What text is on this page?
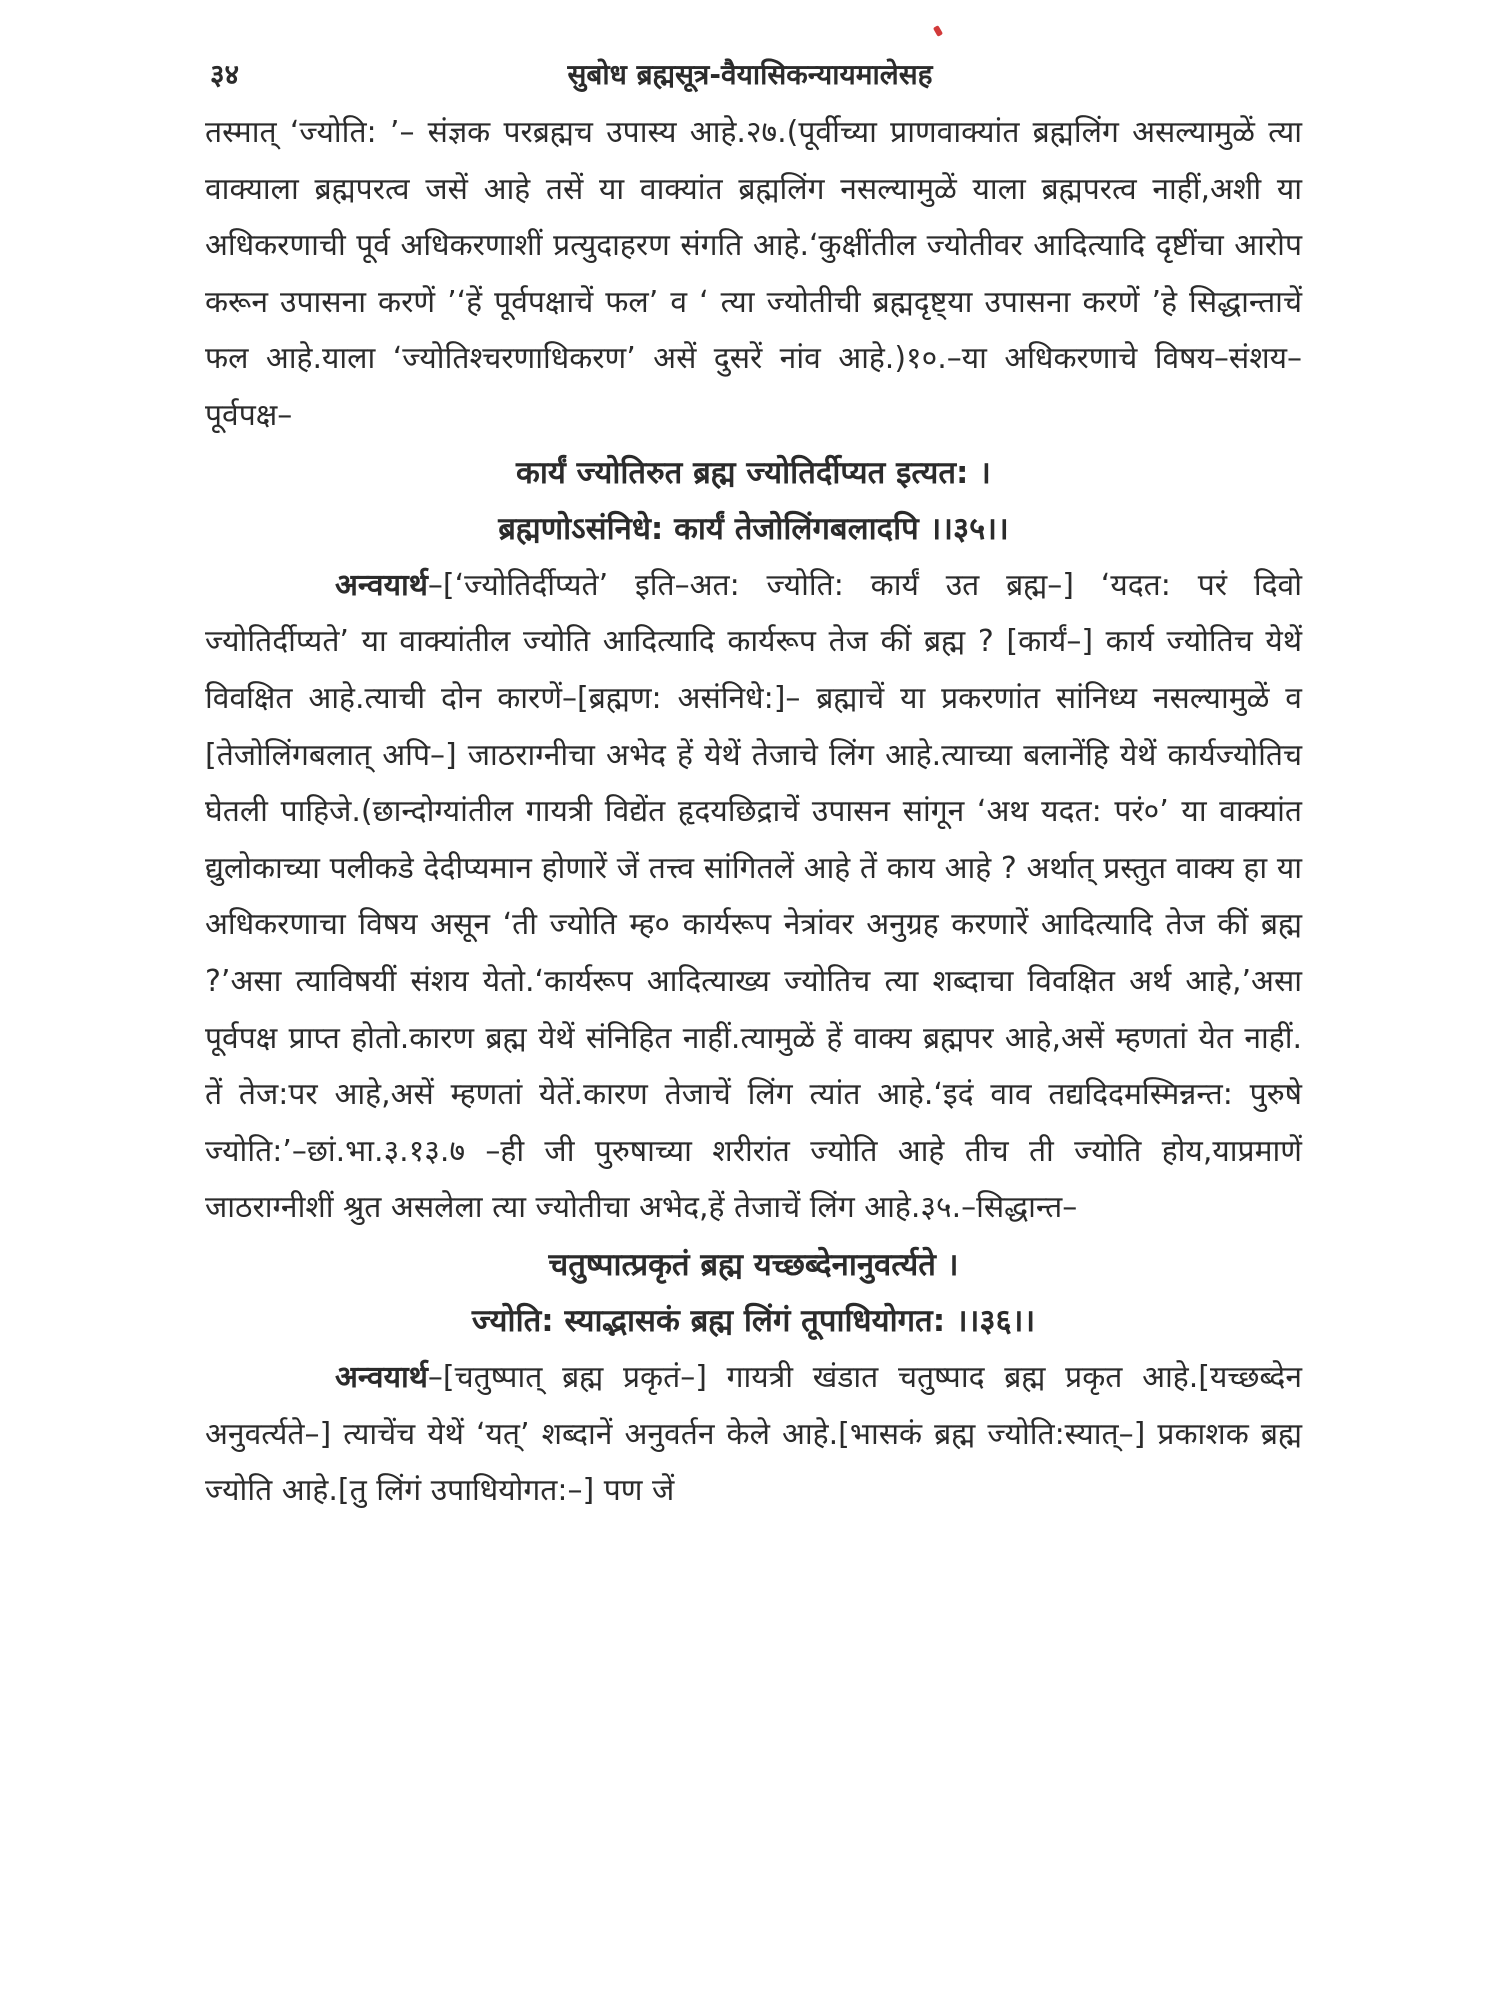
३४	सुबोध ब्रह्मसूत्र-वैयासिकन्यायमालेसह

तस्मात् ‘ज्योति: ’– संज्ञक परब्रह्मच उपास्य आहे.२७.(पूर्वीच्या प्राणवाक्यांत ब्रह्मलिंग असल्यामुळें त्या वाक्याला ब्रह्मपरत्व जसें आहे तसें या वाक्यांत ब्रह्मलिंग नसल्यामुळें याला ब्रह्मपरत्व नाहीं,अशी या अधिकरणाची पूर्व अधिकरणाशीं प्रत्युदाहरण संगति आहे.‘कुक्षींतील ज्योतीवर आदित्यादि दृष्टींचा आरोप करून उपासना करणें ’‘हें पूर्वपक्षाचें फल’ व ‘ त्या ज्योतीची ब्रह्मदृष्ट्या उपासना करणें ’हे सिद्धान्ताचें फल आहे.याला ‘ज्योतिश्चरणाधिकरण’ असें दुसरें नांव आहे.)१०.–या अधिकरणाचे विषय–संशय–पूर्वपक्ष–

कार्यं ज्योतिरुत ब्रह्म ज्योतिर्दीप्यत इत्यत: ।
ब्रह्मणोऽसंनिधे: कार्यं तेजोलिंगबलादपि ।।३५।।

अन्वयार्थ–[‘ज्योतिर्दीप्यते’ इति–अत: ज्योति: कार्यं उत ब्रह्म–] ‘यदत: परं दिवो ज्योतिर्दीप्यते’ या वाक्यांतील ज्योति आदित्यादि कार्यरूप तेज कीं ब्रह्म ? [कार्यं–] कार्य ज्योतिच येथें विवक्षित आहे.त्याची दोन कारणें–[ब्रह्मण: असंनिधे:]– ब्रह्माचें या प्रकरणांत सांनिध्य नसल्यामुळें व [तेजोलिंगबलात् अपि–] जाठराग्नीचा अभेद हें येथें तेजाचे लिंग आहे.त्याच्या बलानेंहि येथें कार्यज्योतिच घेतली पाहिजे.(छान्दोग्यांतील गायत्री विद्येंत हृदयछिद्राचें उपासन सां‍गून ‘अथ यदत: परं०’ या वाक्यांत द्युलोकाच्या पलीकडे देदीप्यमान होणारें जें तत्त्व सांगितलें आहे तें काय आहे ? अर्थात् प्रस्तुत वाक्य हा या अधिकरणाचा विषय असून ‘ती ज्योति म्ह० कार्यरूप नेत्रांवर अनुग्रह करणारें आदित्यादि तेज कीं ब्रह्म ?’असा त्याविषयीं संशय येतो.‘कार्यरूप आदित्याख्य ज्योतिच त्या शब्दाचा विवक्षित अर्थ आहे,’असा पूर्वपक्ष प्राप्त होतो.कारण ब्रह्म येथें संनिहित नाहीं.त्यामुळें हें वाक्य ब्रह्मपर आहे,असें म्हणतां येत नाहीं. तें तेज:पर आहे,असें म्हणतां येतें.कारण तेजाचें लिंग त्यांत आहे.‘इदं वाव तद्यदिदमस्मिन्नन्त: पुरुषे ज्योति:’–छां.भा.३.१३.७ –ही जी पुरुषाच्या शरीरांत ज्योति आहे तीच ती ज्योति होय,याप्रमाणें जाठराग्नीशीं श्रुत असलेला त्या ज्योतीचा अभेद,हें तेजाचें लिंग आहे.३५.–सिद्धान्त–

चतुष्पात्प्रकृतं ब्रह्म यच्छब्देनानुवर्त्यते ।
ज्योति: स्याद्भासकं ब्रह्म लिंगं तूपाधियोगत: ।।३६।।

अन्वयार्थ–[चतुष्पात् ब्रह्म प्रकृतं–] गायत्री खंडात चतुष्पाद ब्रह्म प्रकृत आहे.[यच्छब्देन अनुवर्त्यते–] त्याचेंच येथें ‘यत्’ शब्दानें अनुवर्तन केले आहे.[भासकं ब्रह्म ज्योति:स्यात्–] प्रकाशक ब्रह्म ज्योति आहे.[तु लिंगं उपाधियोगत:–] पण जें
